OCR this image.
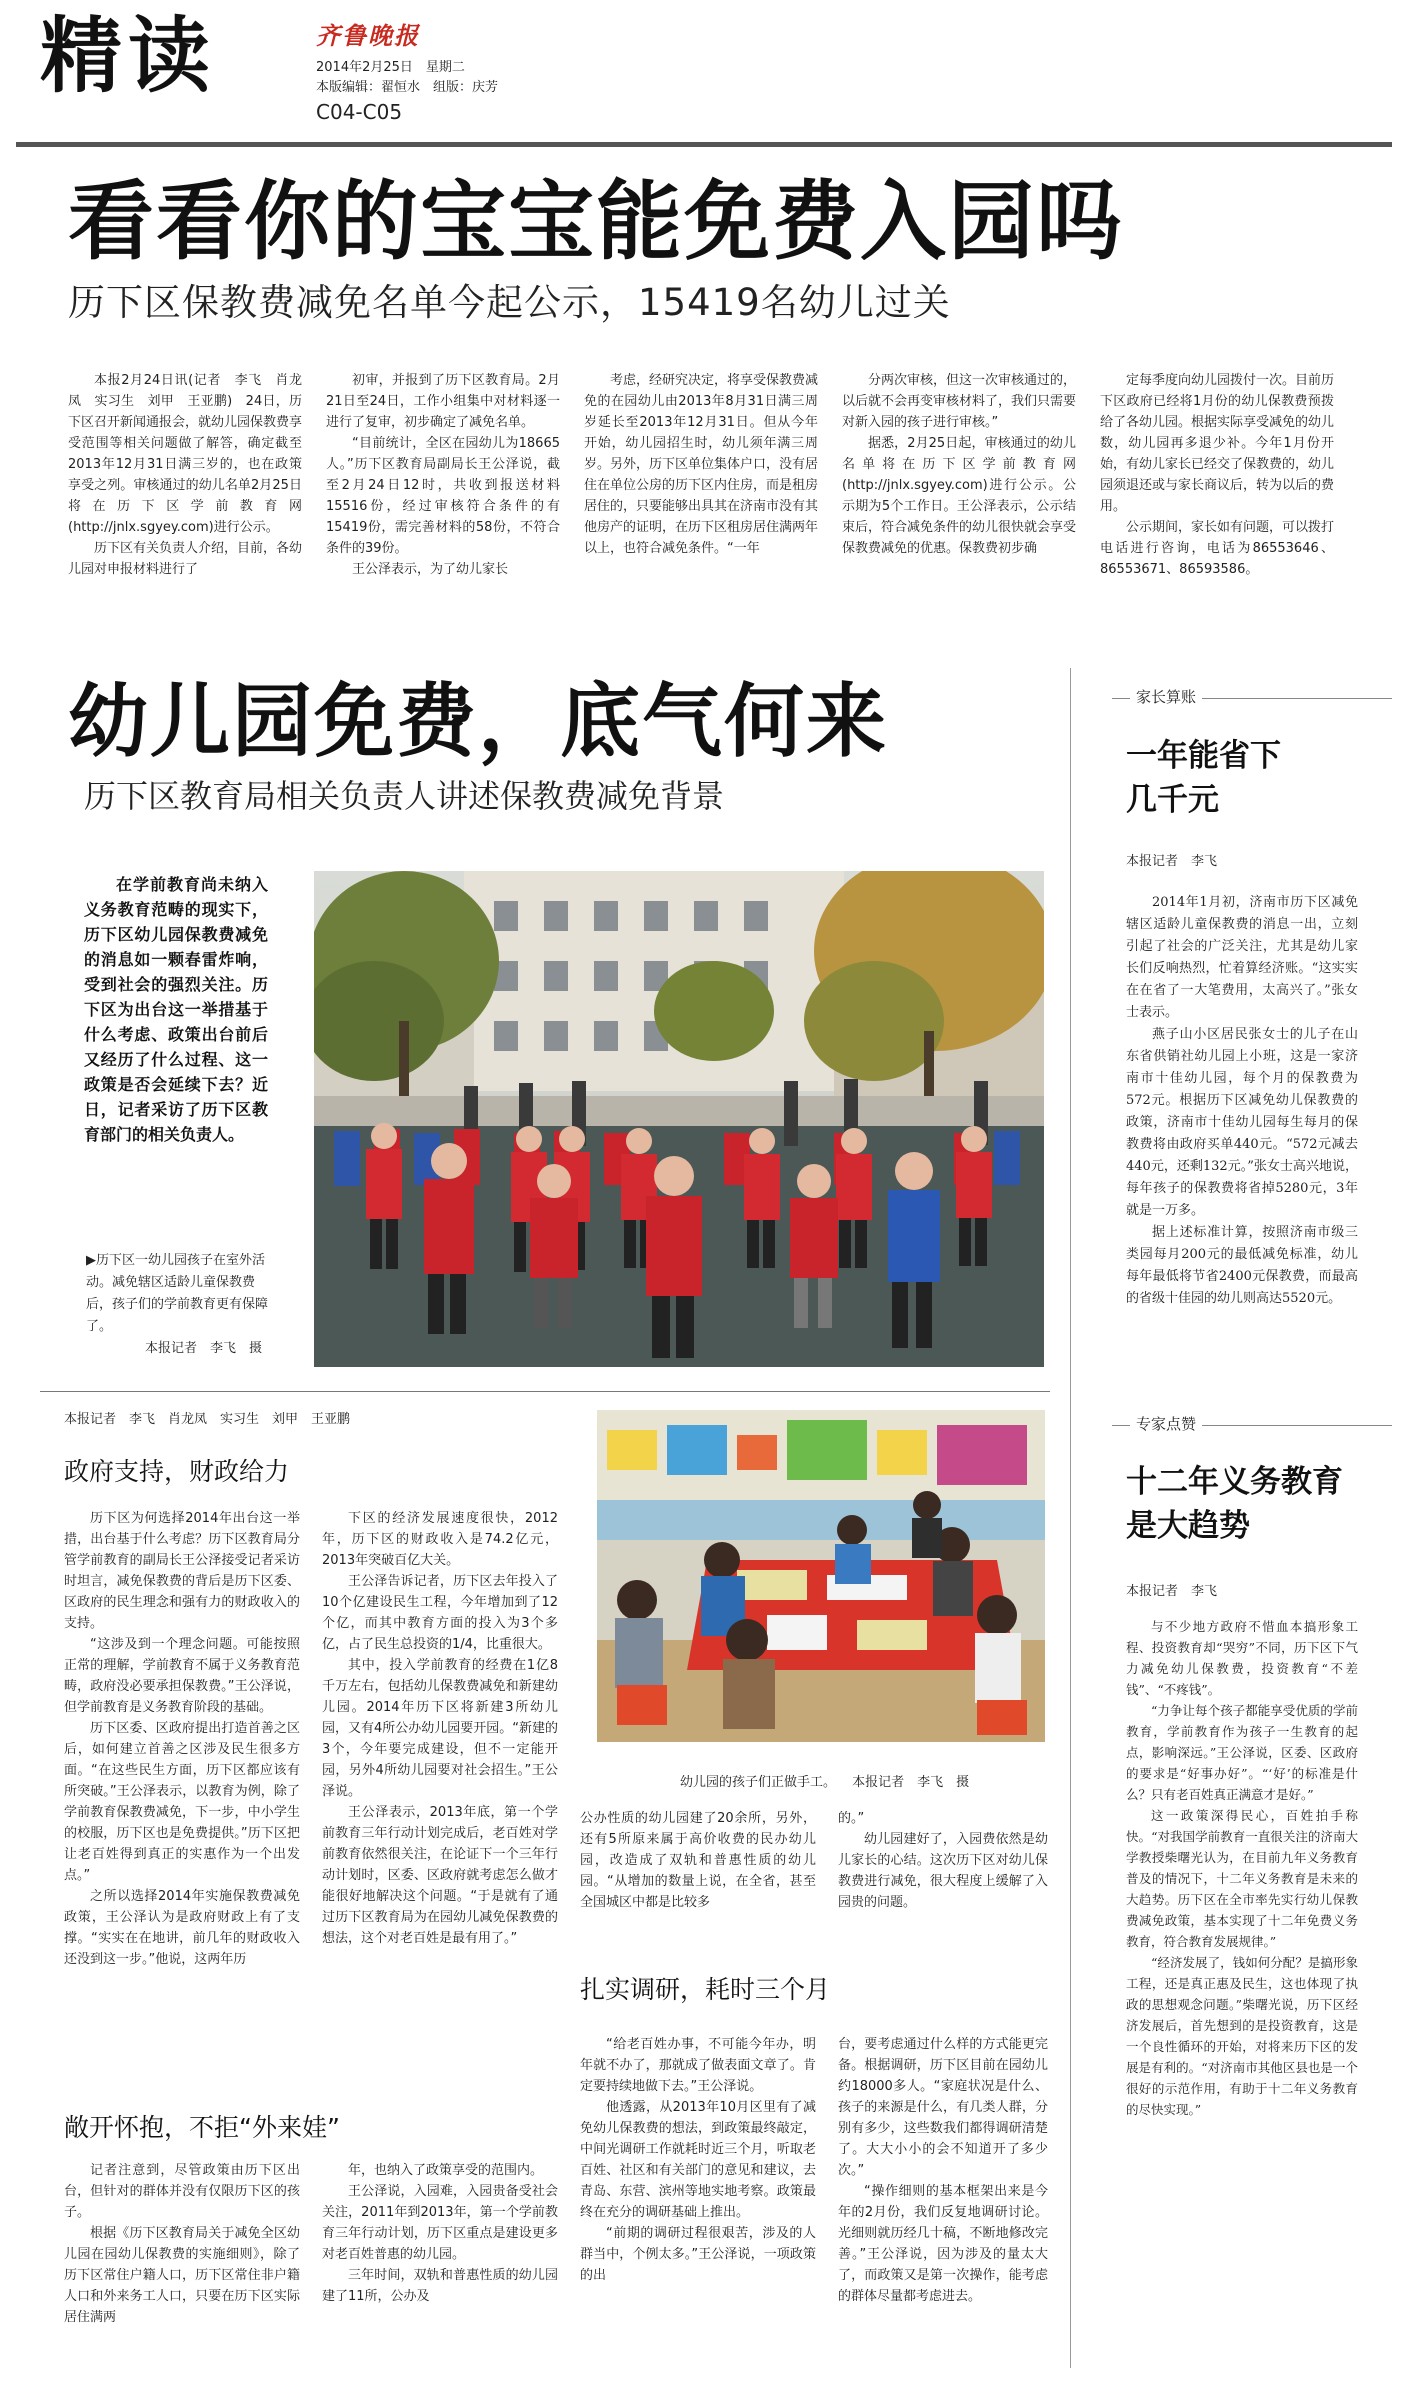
精读	齐鲁晚报
2014年2月25日　星期二
本版编辑：翟恒水　组版：庆芳
C04-C05
看看你的宝宝能免费入园吗
历下区保教费减免名单今起公示，15419名幼儿过关

本报2月24日讯(记者　李飞　肖龙凤　实习生　刘甲　王亚鹏)　24日，历下区召开新闻通报会，就幼儿园保教费享受范围等相关问题做了解答，确定截至2013年12月31日满三岁的，也在政策享受之列。审核通过的幼儿名单2月25日将在历下区学前教育网(http://jnlx.sgyey.com)进行公示。

历下区有关负责人介绍，目前，各幼儿园对申报材料进行了

初审，并报到了历下区教育局。2月21日至24日，工作小组集中对材料逐一进行了复审，初步确定了减免名单。

“目前统计，全区在园幼儿为18665人。”历下区教育局副局长王公泽说，截至2月24日12时，共收到报送材料15516份，经过审核符合条件的有15419份，需完善材料的58份，不符合条件的39份。

王公泽表示，为了幼儿家长

考虑，经研究决定，将享受保教费减免的在园幼儿由2013年8月31日满三周岁延长至2013年12月31日。但从今年开始，幼儿园招生时，幼儿须年满三周岁。另外，历下区单位集体户口，没有居住在单位公房的历下区内住房，而是租房居住的，只要能够出具其在济南市没有其他房产的证明，在历下区租房居住满两年以上，也符合减免条件。“一年

分两次审核，但这一次审核通过的，以后就不会再变审核材料了，我们只需要对新入园的孩子进行审核。”

据悉，2月25日起，审核通过的幼儿名单将在历下区学前教育网(http://jnlx.sgyey.com)进行公示。公示期为5个工作日。王公泽表示，公示结束后，符合减免条件的幼儿很快就会享受保教费减免的优惠。保教费初步确

定每季度向幼儿园拨付一次。目前历下区政府已经将1月份的幼儿保教费预拨给了各幼儿园。根据实际享受减免的幼儿数，幼儿园再多退少补。今年1月份开始，有幼儿家长已经交了保教费的，幼儿园须退还或与家长商议后，转为以后的费用。

公示期间，家长如有问题，可以拨打电话进行咨询，电话为86553646、86553671、86593586。

幼儿园免费，底气何来
历下区教育局相关负责人讲述保教费减免背景

在学前教育尚未纳入义务教育范畴的现实下，历下区幼儿园保教费减免的消息如一颗春雷炸响，受到社会的强烈关注。历下区为出台这一举措基于什么考虑、政策出台前后又经历了什么过程、这一政策是否会延续下去？近日，记者采访了历下区教育部门的相关负责人。

▶历下区一幼儿园孩子在室外活动。减免辖区适龄儿童保教费后，孩子们的学前教育更有保障了。
本报记者　李飞　摄
本报记者　李飞　肖龙凤　实习生　刘甲　王亚鹏
政府支持，财政给力

历下区为何选择2014年出台这一举措，出台基于什么考虑？历下区教育局分管学前教育的副局长王公泽接受记者采访时坦言，减免保教费的背后是历下区委、区政府的民生理念和强有力的财政收入的支持。

“这涉及到一个理念问题。可能按照正常的理解，学前教育不属于义务教育范畴，政府没必要承担保教费。”王公泽说，但学前教育是义务教育阶段的基础。

历下区委、区政府提出打造首善之区后，如何建立首善之区涉及民生很多方面。“在这些民生方面，历下区都应该有所突破。”王公泽表示，以教育为例，除了学前教育保教费减免，下一步，中小学生的校服，历下区也是免费提供。”历下区把让老百姓得到真正的实惠作为一个出发点。”

之所以选择2014年实施保教费减免政策，王公泽认为是政府财政上有了支撑。“实实在在地讲，前几年的财政收入还没到这一步。”他说，这两年历

下区的经济发展速度很快，2012年，历下区的财政收入是74.2亿元，2013年突破百亿大关。

王公泽告诉记者，历下区去年投入了10个亿建设民生工程，今年增加到了12个亿，而其中教育方面的投入为3个多亿，占了民生总投资的1/4，比重很大。

其中，投入学前教育的经费在1亿8千万左右，包括幼儿保教费减免和新建幼儿园。2014年历下区将新建3所幼儿园，又有4所公办幼儿园要开园。“新建的3个，今年要完成建设，但不一定能开园，另外4所幼儿园要对社会招生。”王公泽说。

王公泽表示，2013年底，第一个学前教育三年行动计划完成后，老百姓对学前教育依然很关注，在论证下一个三年行动计划时，区委、区政府就考虑怎么做才能很好地解决这个问题。“于是就有了通过历下区教育局为在园幼儿减免保教费的想法，这个对老百姓是最有用了。”

敞开怀抱，不拒“外来娃”

记者注意到，尽管政策由历下区出台，但针对的群体并没有仅限历下区的孩子。

根据《历下区教育局关于减免全区幼儿园在园幼儿保教费的实施细则》，除了历下区常住户籍人口，历下区常住非户籍人口和外来务工人口，只要在历下区实际居住满两

年，也纳入了政策享受的范围内。

王公泽说，入园难，入园贵备受社会关注，2011年到2013年，第一个学前教育三年行动计划，历下区重点是建设更多对老百姓普惠的幼儿园。

三年时间，双轨和普惠性质的幼儿园建了11所，公办及

幼儿园的孩子们正做手工。 本报记者　李飞　摄

公办性质的幼儿园建了20余所，另外，还有5所原来属于高价收费的民办幼儿园，改造成了双轨和普惠性质的幼儿园。“从增加的数量上说，在全省，甚至全国城区中都是比较多

的。”

幼儿园建好了，入园费依然是幼儿家长的心结。这次历下区对幼儿保教费进行减免，很大程度上缓解了入园贵的问题。

扎实调研，耗时三个月

“给老百姓办事，不可能今年办，明年就不办了，那就成了做表面文章了。肯定要持续地做下去。”王公泽说。

他透露，从2013年10月区里有了减免幼儿保教费的想法，到政策最终敲定，中间光调研工作就耗时近三个月，听取老百姓、社区和有关部门的意见和建议，去青岛、东营、滨州等地实地考察。政策最终在充分的调研基础上推出。

“前期的调研过程很艰苦，涉及的人群当中，个例太多。”王公泽说，一项政策的出

台，要考虑通过什么样的方式能更完备。根据调研，历下区目前在园幼儿约18000多人。“家庭状况是什么、孩子的来源是什么，有几类人群，分别有多少，这些数我们都得调研清楚了。大大小小的会不知道开了多少次。”

“操作细则的基本框架出来是今年的2月份，我们反复地调研讨论。光细则就历经几十稿，不断地修改完善。”王公泽说，因为涉及的量太大了，而政策又是第一次操作，能考虑的群体尽量都考虑进去。

家长算账
一年能省下几千元
本报记者　李飞

2014年1月初，济南市历下区减免辖区适龄儿童保教费的消息一出，立刻引起了社会的广泛关注，尤其是幼儿家长们反响热烈，忙着算经济账。“这实实在在省了一大笔费用，太高兴了。”张女士表示。

燕子山小区居民张女士的儿子在山东省供销社幼儿园上小班，这是一家济南市十佳幼儿园，每个月的保教费为572元。根据历下区减免幼儿保教费的政策，济南市十佳幼儿园每生每月的保教费将由政府买单440元。“572元减去440元，还剩132元。”张女士高兴地说，每年孩子的保教费将省掉5280元，3年就是一万多。

据上述标准计算，按照济南市级三类园每月200元的最低减免标准，幼儿每年最低将节省2400元保教费，而最高的省级十佳园的幼儿则高达5520元。

专家点赞
十二年义务教育是大趋势
本报记者　李飞

与不少地方政府不惜血本搞形象工程、投资教育却“哭穷”不同，历下区下气力减免幼儿保教费，投资教育“不差钱”、“不疼钱”。

“力争让每个孩子都能享受优质的学前教育，学前教育作为孩子一生教育的起点，影响深远。”王公泽说，区委、区政府的要求是“好事办好”。“‘好’的标准是什么？只有老百姓真正满意才是好。”

这一政策深得民心，百姓拍手称快。“对我国学前教育一直很关注的济南大学教授柴曙光认为，在目前九年义务教育普及的情况下，十二年义务教育是未来的大趋势。历下区在全市率先实行幼儿保教费减免政策，基本实现了十二年免费义务教育，符合教育发展规律。”

“经济发展了，钱如何分配？是搞形象工程，还是真正惠及民生，这也体现了执政的思想观念问题。”柴曙光说，历下区经济发展后，首先想到的是投资教育，这是一个良性循环的开始，对将来历下区的发展是有利的。“对济南市其他区县也是一个很好的示范作用，有助于十二年义务教育的尽快实现。”
